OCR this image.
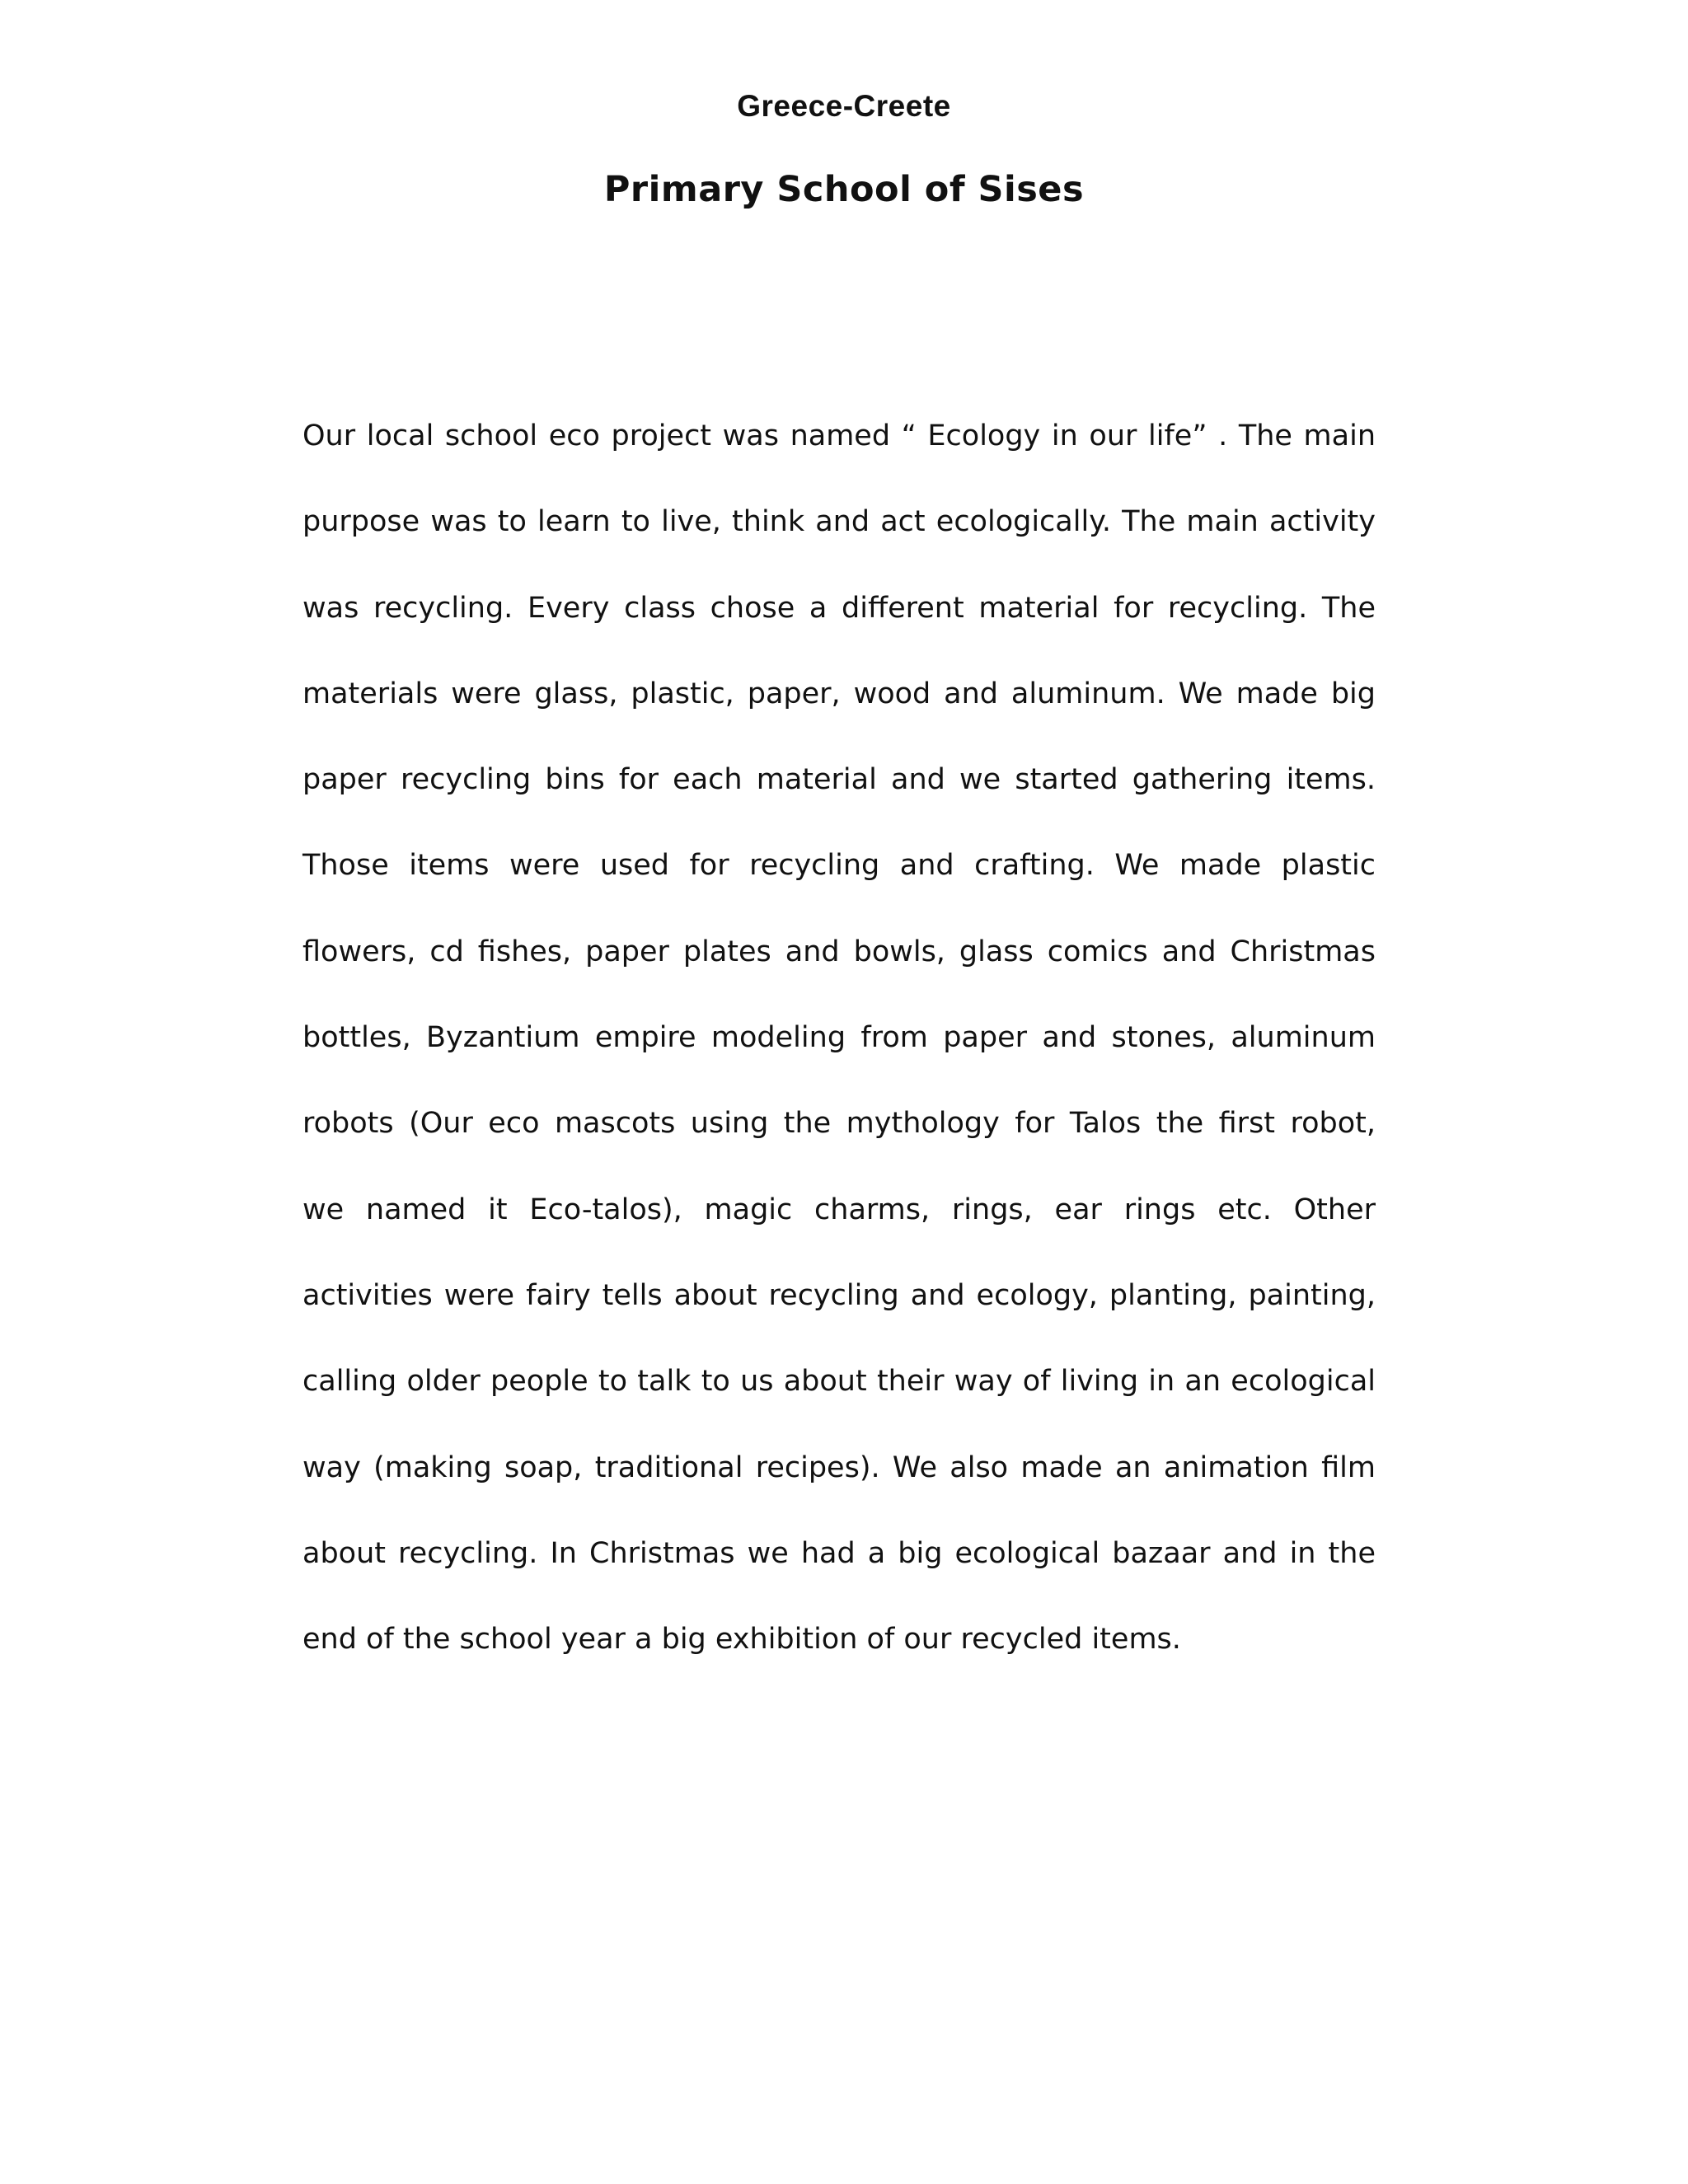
Greece-Creete
Primary School of Sises
Our local school eco project was named “ Ecology in our life” . The main
purpose was to learn to live, think and act ecologically. The main activity
was recycling. Every class chose a different material for recycling. The
materials were glass, plastic, paper, wood and aluminum. We made big
paper recycling bins for each material and we started gathering items.
Those items were used for recycling and crafting. We made plastic
flowers, cd fishes, paper plates and bowls, glass comics and Christmas
bottles, Byzantium empire modeling from paper and stones, aluminum
robots (Our eco mascots using the mythology for Talos the first robot,
we named it Eco-talos), magic charms, rings, ear rings etc. Other
activities were fairy tells about recycling and ecology, planting, painting,
calling older people to talk to us about their way of living in an ecological
way (making soap, traditional recipes). We also made an animation film
about recycling. In Christmas we had a big ecological bazaar and in the
end of the school year a big exhibition of our recycled items.
